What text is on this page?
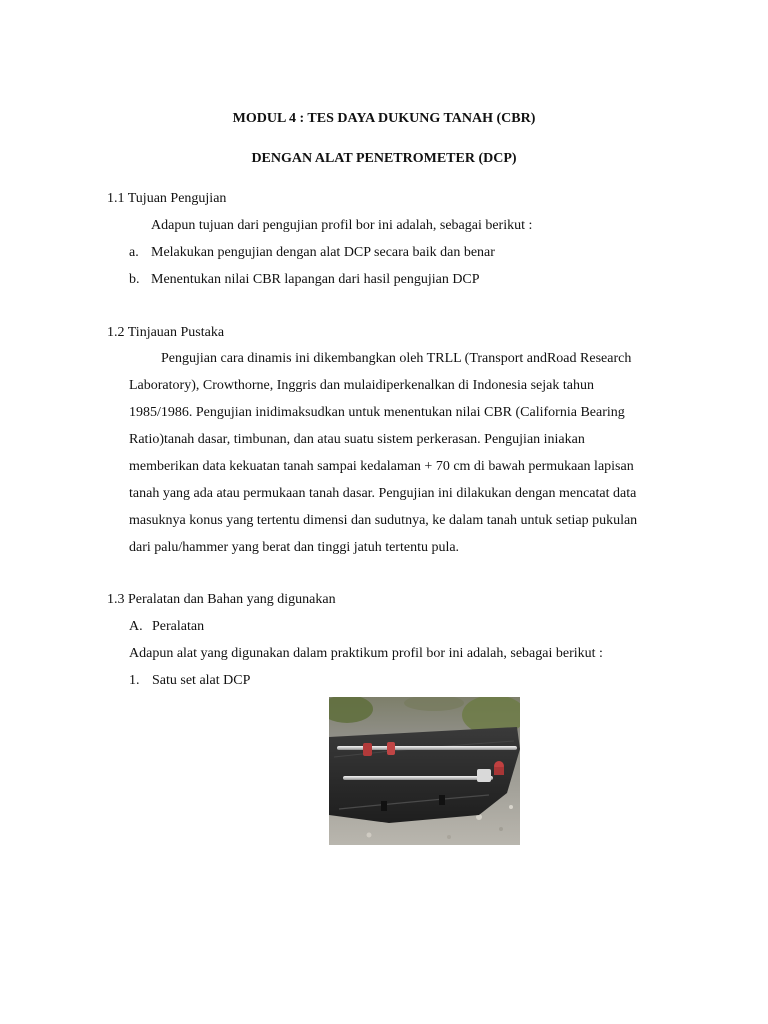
MODUL 4 : TES DAYA DUKUNG TANAH (CBR)
DENGAN ALAT PENETROMETER (DCP)
1.1 Tujuan Pengujian
Adapun tujuan dari pengujian profil bor ini adalah, sebagai berikut :
a. Melakukan pengujian dengan alat DCP secara baik dan benar
b. Menentukan nilai CBR lapangan dari hasil pengujian DCP
1.2 Tinjauan Pustaka
Pengujian cara dinamis ini dikembangkan oleh TRLL (Transport andRoad Research
Laboratory), Crowthorne, Inggris dan mulaidiperkenalkan di Indonesia sejak tahun
1985/1986. Pengujian inidimaksudkan untuk menentukan nilai CBR (California Bearing
Ratio)tanah dasar, timbunan, dan atau suatu sistem perkerasan. Pengujian iniakan
memberikan data kekuatan tanah sampai kedalaman + 70 cm di bawah permukaan lapisan
tanah yang ada atau permukaan tanah dasar. Pengujian ini dilakukan dengan mencatat data
masuknya konus yang tertentu dimensi dan sudutnya, ke dalam tanah untuk setiap pukulan
dari palu/hammer yang berat dan tinggi jatuh tertentu pula.
1.3 Peralatan dan Bahan yang digunakan
A. Peralatan
Adapun alat yang digunakan dalam praktikum profil bor ini adalah, sebagai berikut :
1. Satu set alat DCP
